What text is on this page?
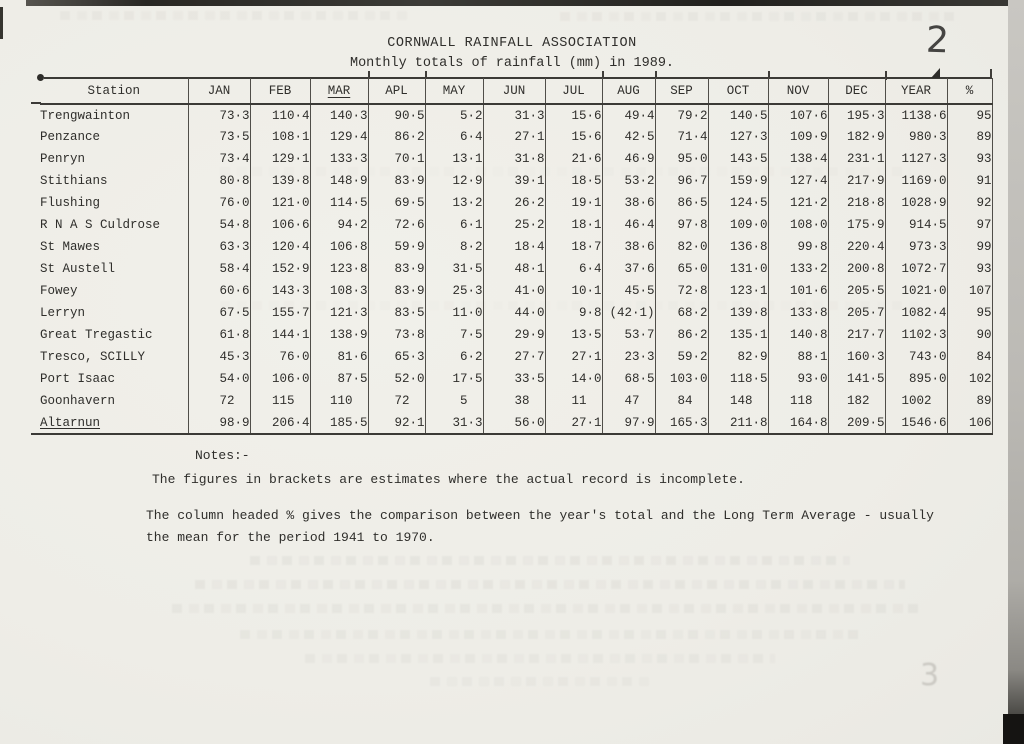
2
3
CORNWALL RAINFALL ASSOCIATION
Monthly totals of rainfall (mm) in 1989.
Station	JAN	FEB	MAR	APL	MAY	JUN	JUL	AUG	SEP	OCT	NOV	DEC	YEAR	%
Trengwainton	73·3	110·4	140·3	90·5	5·2	31·3	15·6	49·4	79·2	140·5	107·6	195·3	1138·6	95
Penzance	73·5	108·1	129·4	86·2	6·4	27·1	15·6	42·5	71·4	127·3	109·9	182·9	980·3	89
Penryn	73·4	129·1	133·3	70·1	13·1	31·8	21·6	46·9	95·0	143·5	138·4	231·1	1127·3	93
Stithians	80·8	139·8	148·9	83·9	12·9	39·1	18·5	53·2	96·7	159·9	127·4	217·9	1169·0	91
Flushing	76·0	121·0	114·5	69·5	13·2	26·2	19·1	38·6	86·5	124·5	121·2	218·8	1028·9	92
R N A S Culdrose	54·8	106·6	94·2	72·6	6·1	25·2	18·1	46·4	97·8	109·0	108·0	175·9	914·5	97
St Mawes	63·3	120·4	106·8	59·9	8·2	18·4	18·7	38·6	82·0	136·8	99·8	220·4	973·3	99
St Austell	58·4	152·9	123·8	83·9	31·5	48·1	6·4	37·6	65·0	131·0	133·2	200·8	1072·7	93
Fowey	60·6	143·3	108·3	83·9	25·3	41·0	10·1	45·5	72·8	123·1	101·6	205·5	1021·0	107
Lerryn	67·5	155·7	121·3	83·5	11·0	44·0	9·8	(42·1)	68·2	139·8	133·8	205·7	1082·4	95
Great Tregastic	61·8	144·1	138·9	73·8	7·5	29·9	13·5	53·7	86·2	135·1	140·8	217·7	1102·3	90
Tresco, SCILLY	45·3	76·0	81·6	65·3	6·2	27·7	27·1	23·3	59·2	82·9	88·1	160·3	743·0	84
Port Isaac	54·0	106·0	87·5	52·0	17·5	33·5	14·0	68·5	103·0	118·5	93·0	141·5	895·0	102
Goonhavern	72	115	110	72	5	38	11	47	84	148	118	182	1002	89
Altarnun	98·9	206·4	185·5	92·1	31·3	56·0	27·1	97·9	165·3	211·8	164·8	209·5	1546·6	106
Notes:-
The figures in brackets are estimates where the actual record is incomplete.
The column headed % gives the comparison between the year's total and the Long Term Average - usually
the mean for the period 1941 to 1970.
